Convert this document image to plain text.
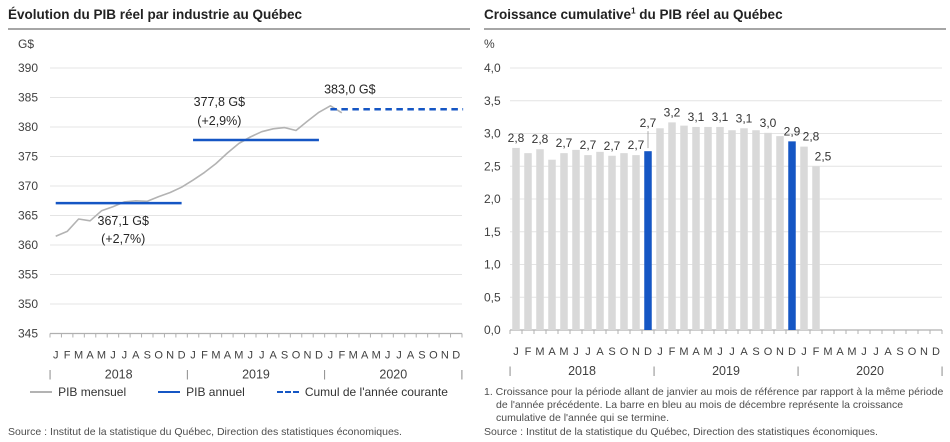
Évolution du PIB réel par industrie au Québec
390
385
380
375
370
365
360
355
350
345
G$
J F M A M J J A S O N D J F M A M J J A S O N D J F M A M J J A S O N D
|	|	|	|
2018	2019	2020
367,1 G$
(+2,7%)
377,8 G$
(+2,9%)
383,0 G$
PIB mensuel	PIB annuel	Cumul de l'année courante
Source : Institut de la statistique du Québec, Direction des statistiques économiques.
Croissance cumulative$^1$ du PIB réel au Québec
4,0
3,5
3,0
2,5
2,0
1,5
1,0
0,5
0,0
%
J F M A M J J A S O N D J F M A M J J A S O N D J F M A M J J A S O N D
|	|	|	|
2018	2019	2020
2,8 2,8 2,7 2,7 2,7 2,7
2,7
3,2 3,1 3,1 3,1 3,0
2,9 2,8
2,5
1. Croissance pour la période allant de janvier au mois de référence par rapport à la même période de l'année précédente. La barre en bleu au mois de décembre représente la croissance cumulative de l'année qui se termine.
Source : Institut de la statistique du Québec, Direction des statistiques économiques.
